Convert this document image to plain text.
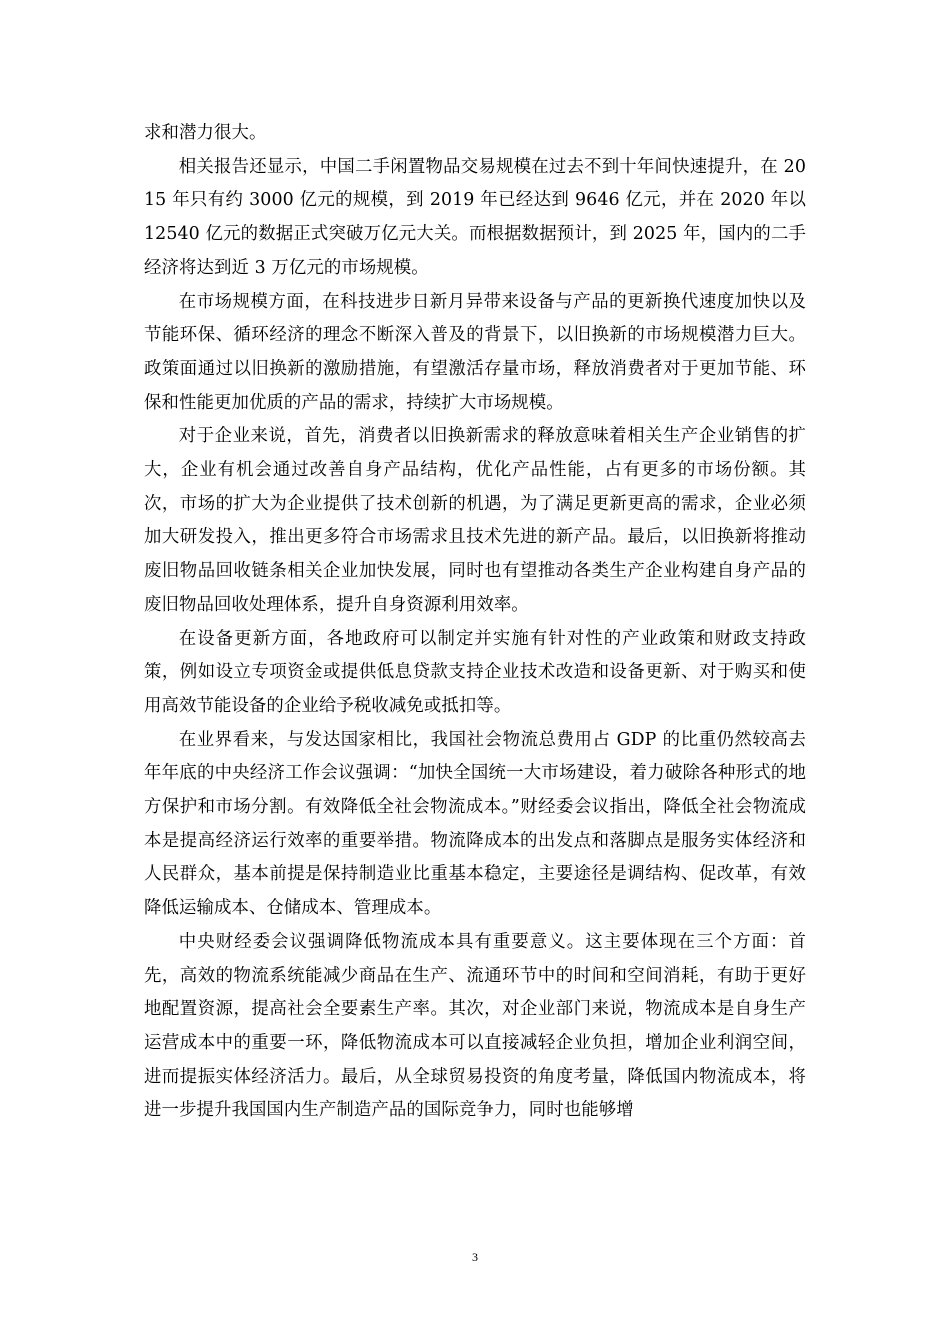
求和潜力很大。

相关报告还显示，中国二手闲置物品交易规模在过去不到十年间快速提升，在 2015 年只有约 3000 亿元的规模，到 2019 年已经达到 9646 亿元，并在 2020 年以 12540 亿元的数据正式突破万亿元大关。而根据数据预计，到 2025 年，国内的二手经济将达到近 3 万亿元的市场规模。

在市场规模方面，在科技进步日新月异带来设备与产品的更新换代速度加快以及节能环保、循环经济的理念不断深入普及的背景下，以旧换新的市场规模潜力巨大。政策面通过以旧换新的激励措施，有望激活存量市场，释放消费者对于更加节能、环保和性能更加优质的产品的需求，持续扩大市场规模。

对于企业来说，首先，消费者以旧换新需求的释放意味着相关生产企业销售的扩大，企业有机会通过改善自身产品结构，优化产品性能，占有更多的市场份额。其次，市场的扩大为企业提供了技术创新的机遇，为了满足更新更高的需求，企业必须加大研发投入，推出更多符合市场需求且技术先进的新产品。最后，以旧换新将推动废旧物品回收链条相关企业加快发展，同时也有望推动各类生产企业构建自身产品的废旧物品回收处理体系，提升自身资源利用效率。

在设备更新方面，各地政府可以制定并实施有针对性的产业政策和财政支持政策，例如设立专项资金或提供低息贷款支持企业技术改造和设备更新、对于购买和使用高效节能设备的企业给予税收减免或抵扣等。

在业界看来，与发达国家相比，我国社会物流总费用占 GDP 的比重仍然较高去年年底的中央经济工作会议强调：“加快全国统一大市场建设，着力破除各种形式的地方保护和市场分割。有效降低全社会物流成本。”财经委会议指出，降低全社会物流成本是提高经济运行效率的重要举措。物流降成本的出发点和落脚点是服务实体经济和人民群众，基本前提是保持制造业比重基本稳定，主要途径是调结构、促改革，有效降低运输成本、仓储成本、管理成本。

中央财经委会议强调降低物流成本具有重要意义。这主要体现在三个方面：首先，高效的物流系统能减少商品在生产、流通环节中的时间和空间消耗，有助于更好地配置资源，提高社会全要素生产率。其次，对企业部门来说，物流成本是自身生产运营成本中的重要一环，降低物流成本可以直接减轻企业负担，增加企业利润空间，进而提振实体经济活力。最后，从全球贸易投资的角度考量，降低国内物流成本，将进一步提升我国国内生产制造产品的国际竞争力，同时也能够增

3
